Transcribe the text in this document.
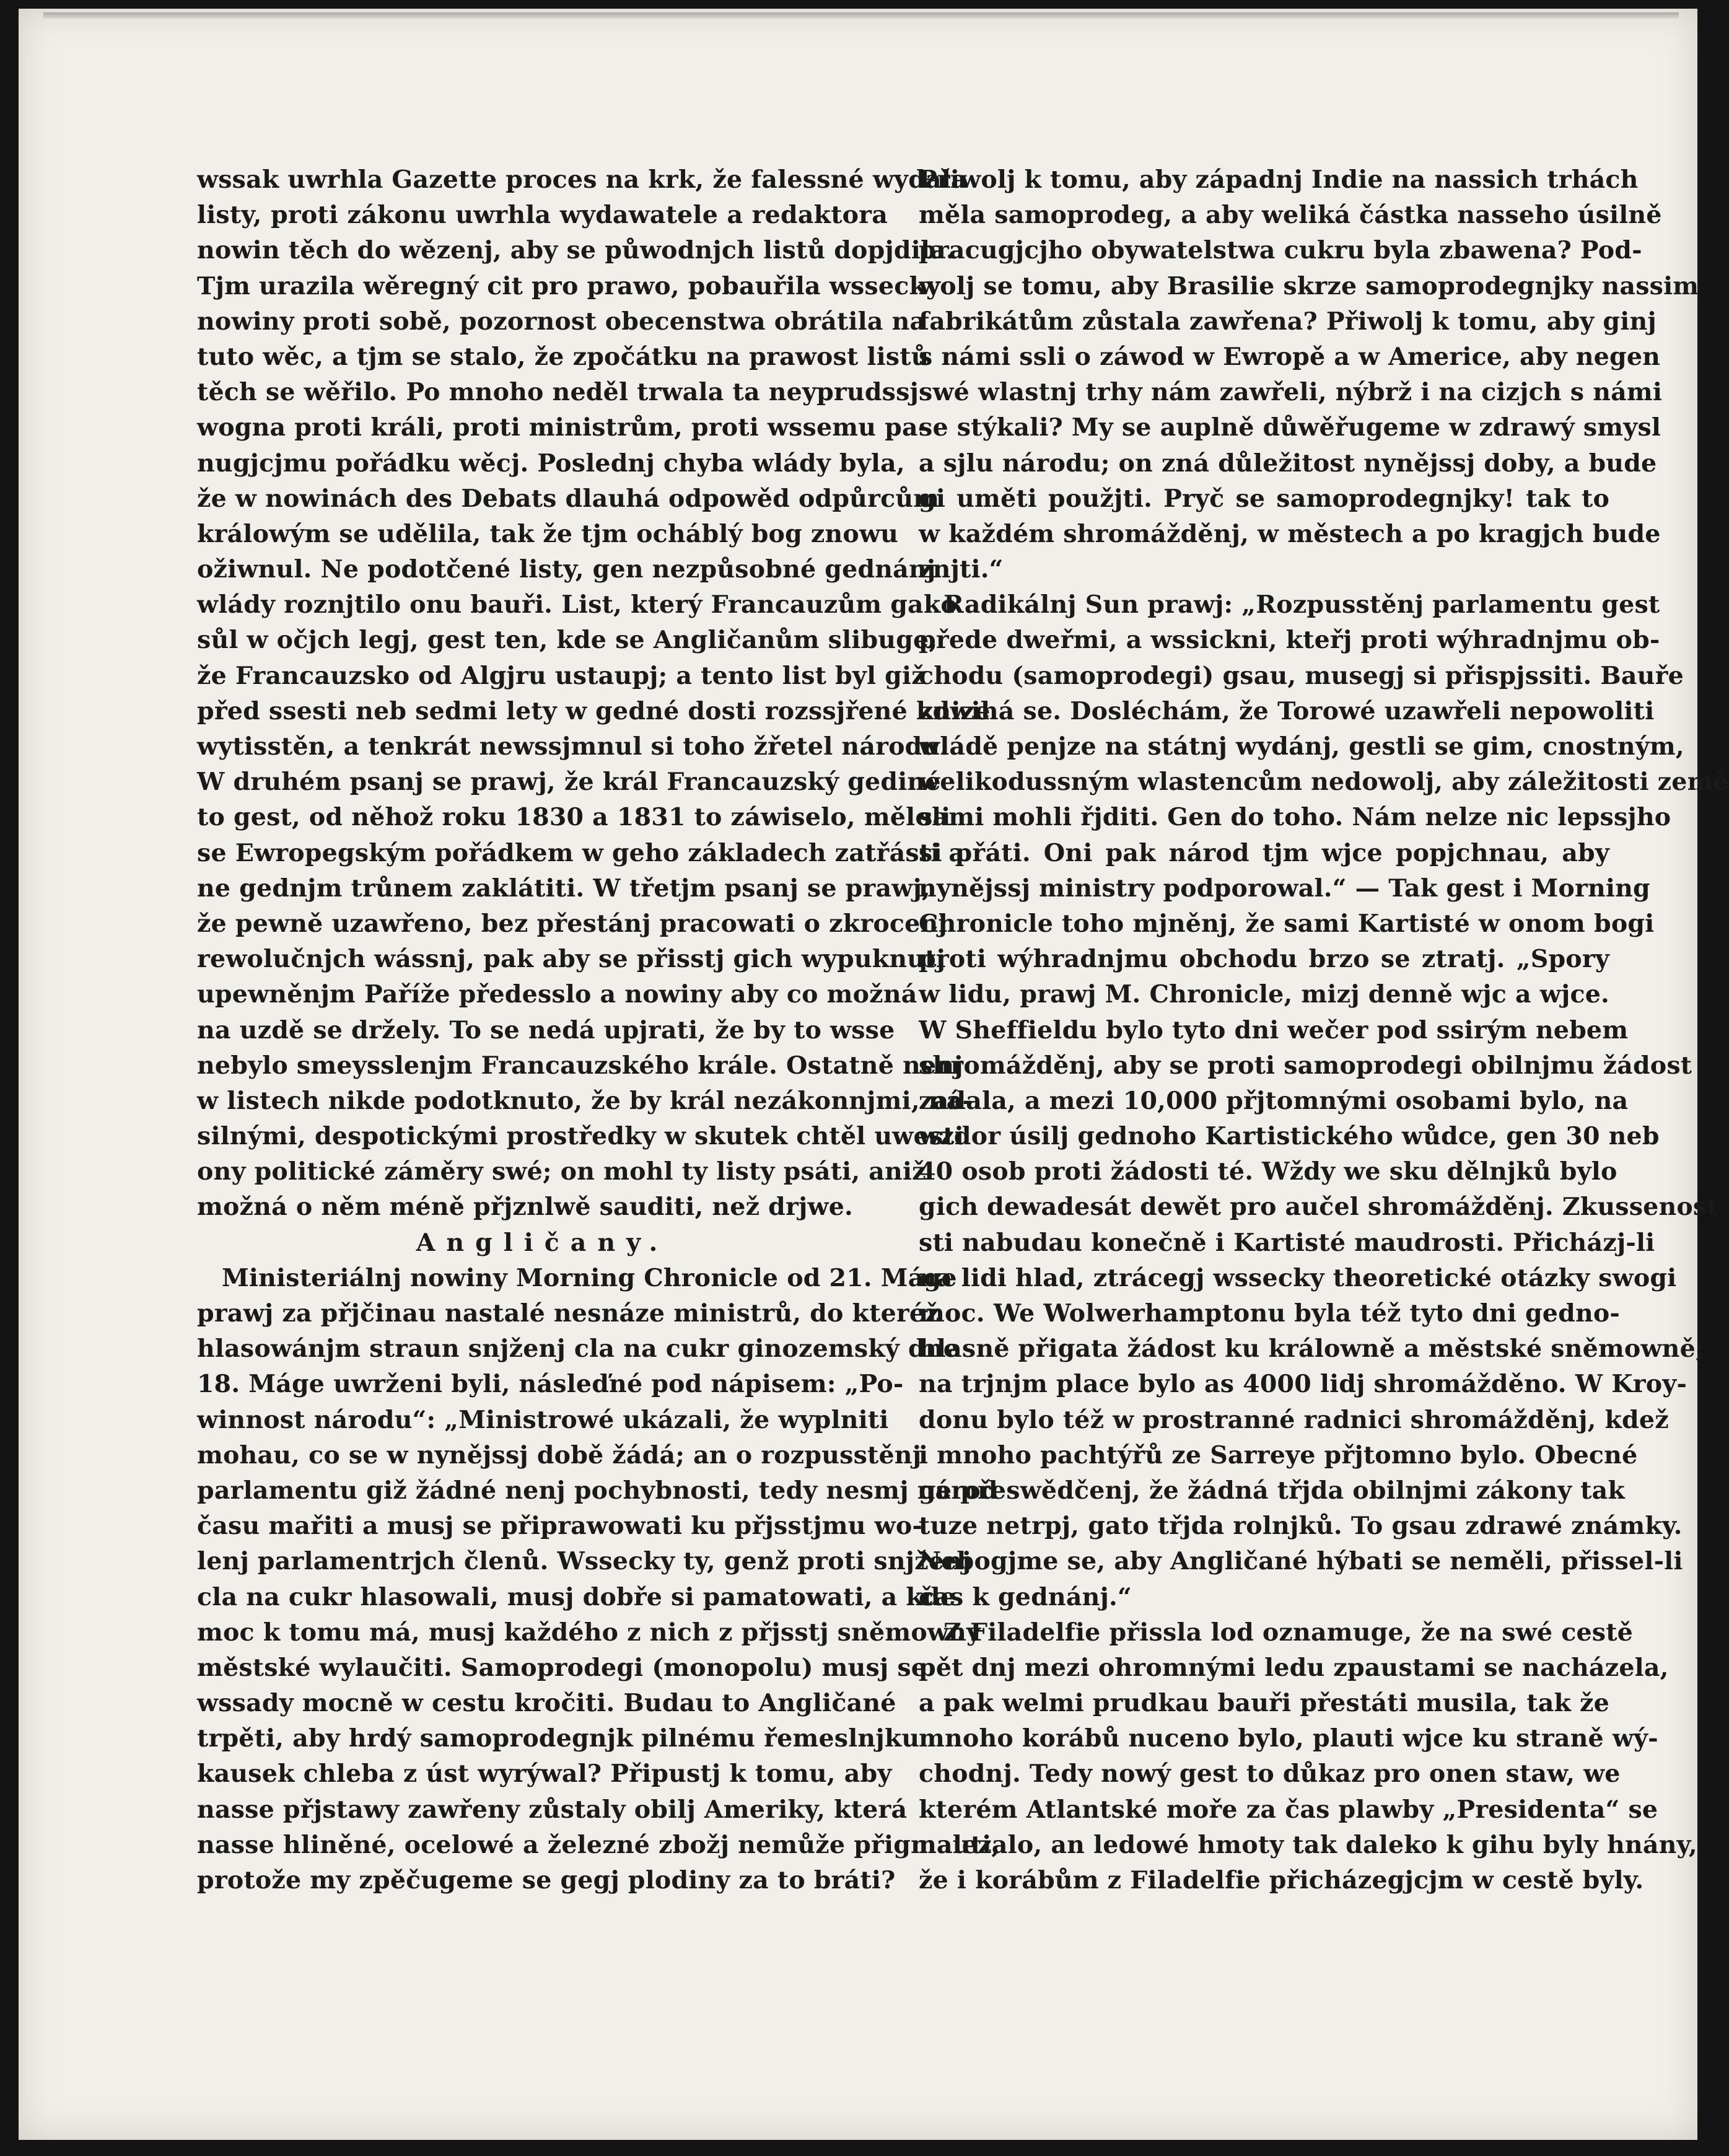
wssak uwrhla Gazette proces na krk, že falessné wydala
listy, proti zákonu uwrhla wydawatele a redaktora
nowin těch do wězenj, aby se půwodnjch listů dopjdila.
Tjm urazila wěregný cit pro prawo, pobauřila wssecky
nowiny proti sobě, pozornost obecenstwa obrátila na
tuto wěc, a tjm se stalo, že zpočátku na prawost listů
těch se wěřilo. Po mnoho neděl trwala ta neyprudssj
wogna proti králi, proti ministrům, proti wssemu pa-
nugjcjmu pořádku wěcj. Poslednj chyba wlády byla,
že w nowinách des Debats dlauhá odpowěd odpůrcům
králowým se udělila, tak že tjm ocháblý bog znowu
ožiwnul. Ne podotčené listy, gen nezpůsobné gednánj
wlády roznjtilo onu bauři. List, který Francauzům gako
sůl w očjch legj, gest ten, kde se Angličanům slibuge,
že Francauzsko od Algjru ustaupj; a tento list byl giž
před ssesti neb sedmi lety w gedné dosti rozssjřené knize
wytisstěn, a tenkrát newssjmnul si toho žřetel národu.
W druhém psanj se prawj, že král Francauzský gediné
to gest, od něhož roku 1830 a 1831 to záwiselo, měloli
se Ewropegským pořádkem w geho základech zatřásti a
ne gednjm trůnem zaklátiti. W třetjm psanj se prawj,
že pewně uzawřeno, bez přestánj pracowati o zkrocenj
rewolučnjch wássnj, pak aby se přisstj gich wypuknutj
upewněnjm Paříže předesslo a nowiny aby co možná
na uzdě se držely. To se nedá upjrati, že by to wsse
nebylo smeysslenjm Francauzského krále. Ostatně nenj
w listech nikde podotknuto, že by král nezákonnjmi, ná-
silnými, despotickými prostředky w skutek chtěl uwesti
ony politické záměry swé; on mohl ty listy psáti, aniž
možná o něm méně přjznlwě sauditi, než drjwe.
Angličany.
Ministeriálnj nowiny Morning Chronicle od 21. Máge
prawj za přjčinau nastalé nesnáze ministrů, do kteréž
hlasowánjm straun snjženj cla na cukr ginozemský dne
18. Máge uwrženi byli, násleďné pod nápisem: „Po-
winnost národu“: „Ministrowé ukázali, že wyplniti
mohau, co se w nynějssj době žádá; an o rozpusstěnj
parlamentu giž žádné nenj pochybnosti, tedy nesmj národ
času mařiti a musj se připrawowati ku přjsstjmu wo-
lenj parlamentrjch členů. Wssecky ty, genž proti snjženj
cla na cukr hlasowali, musj dobře si pamatowati, a kde
moc k tomu má, musj každého z nich z přjsstj sněmowny
městské wylaučiti. Samoprodegi (monopolu) musj se
wssady mocně w cestu kročiti. Budau to Angličané
trpěti, aby hrdý samoprodegnjk pilnému řemeslnjku
kausek chleba z úst wyrýwal? Připustj k tomu, aby
nasse přjstawy zawřeny zůstaly obilj Ameriky, která
nasse hliněné, ocelowé a železné zbožj nemůže přigmauti,
protože my zpěčugeme se gegj plodiny za to bráti?
Přiwolj k tomu, aby západnj Indie na nassich trhách
měla samoprodeg, a aby weliká částka nasseho úsilně
pracugjcjho obywatelstwa cukru byla zbawena? Pod-
wolj se tomu, aby Brasilie skrze samoprodegnjky nassim
fabrikátům zůstala zawřena? Přiwolj k tomu, aby ginj
s námi ssli o záwod w Ewropě a w Americe, aby negen
swé wlastnj trhy nám zawřeli, nýbrž i na cizjch s námi
se stýkali? My se auplně důwěřugeme w zdrawý smysl
a sjlu národu; on zná důležitost nynějssj doby, a bude
gi uměti použjti. Pryč se samoprodegnjky! tak to
w každém shromážděnj, w městech a po kragjch bude
znjti.“
Radikálnj Sun prawj: „Rozpusstěnj parlamentu gest
přede dweřmi, a wssickni, kteřj proti wýhradnjmu ob-
chodu (samoprodegi) gsau, musegj si přispjssiti. Bauře
zdwihá se. Dosléchám, že Torowé uzawřeli nepowoliti
wládě penjze na státnj wydánj, gestli se gim, cnostným,
welikodussným wlastencům nedowolj, aby záležitosti země
sami mohli řjditi. Gen do toho. Nám nelze nic lepssjho
si přáti. Oni pak národ tjm wjce popjchnau, aby
nynějssj ministry podporowal.“ — Tak gest i Morning
Chronicle toho mjněnj, že sami Kartisté w onom bogi
proti wýhradnjmu obchodu brzo se ztratj. „Spory
w lidu, prawj M. Chronicle, mizj denně wjc a wjce.
W Sheffieldu bylo tyto dni wečer pod ssirým nebem
shromážděnj, aby se proti samoprodegi obilnjmu žádost
zadala, a mezi 10,000 přjtomnými osobami bylo, na
wzdor úsilj gednoho Kartistického wůdce, gen 30 neb
40 osob proti žádosti té. Wždy we sku dělnjků bylo
gich dewadesát dewět pro aučel shromážděnj. Zkussenost
sti nabudau konečně i Kartisté maudrosti. Přicházj-li
na lidi hlad, ztrácegj wssecky theoretické otázky swogi
moc. We Wolwerhamptonu byla též tyto dni gedno-
hlasně přigata žádost ku králowně a městské sněmowně;
na trjnjm place bylo as 4000 lidj shromážděno. W Kroy-
donu bylo též w prostranné radnici shromážděnj, kdež
i mnoho pachtýřů ze Sarreye přjtomno bylo. Obecné
ge přeswědčenj, že žádná třjda obilnjmi zákony tak
tuze netrpj, gato třjda rolnjků. To gsau zdrawé známky.
Nebogjme se, aby Angličané hýbati se neměli, přissel-li
čas k gednánj.“
Z Filadelfie přissla lod oznamuge, že na swé cestě
pět dnj mezi ohromnými ledu zpaustami se nacházela,
a pak welmi prudkau bauři přestáti musila, tak že
mnoho korábů nuceno bylo, plauti wjce ku straně wý-
chodnj. Tedy nowý gest to důkaz pro onen staw, we
kterém Atlantské moře za čas plawby „Presidenta“ se
nalezalo, an ledowé hmoty tak daleko k gihu byly hnány,
že i korábům z Filadelfie přicházegjcjm w cestě byly.
